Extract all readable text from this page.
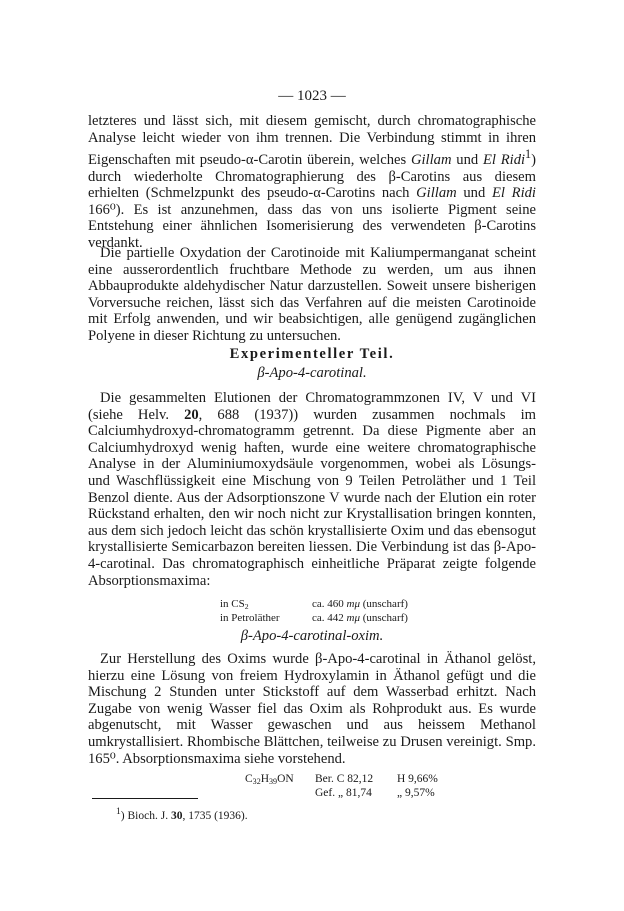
— 1023 —

letzteres und lässt sich, mit diesem gemischt, durch chromatographische Analyse leicht wieder von ihm trennen. Die Verbindung stimmt in ihren Eigenschaften mit pseudo-α-Carotin überein, welches Gillam und El Ridi$^1$) durch wiederholte Chromatographierung des β-Carotins aus diesem erhielten (Schmelzpunkt des pseudo-α-Carotins nach Gillam und El Ridi 166⁰). Es ist anzunehmen, dass das von uns isolierte Pigment seine Entstehung einer ähnlichen Isomerisierung des verwendeten β-Carotins verdankt.

Die partielle Oxydation der Carotinoide mit Kaliumpermanganat scheint eine ausserordentlich fruchtbare Methode zu werden, um aus ihnen Abbauprodukte aldehydischer Natur darzustellen. Soweit unsere bisherigen Vorversuche reichen, lässt sich das Verfahren auf die meisten Carotinoide mit Erfolg anwenden, und wir beabsichtigen, alle genügend zugänglichen Polyene in dieser Richtung zu untersuchen.

Experimenteller Teil.

β-Apo-4-carotinal.

Die gesammelten Elutionen der Chromatogrammzonen IV, V und VI (siehe Helv. 20, 688 (1937)) wurden zusammen nochmals im Calciumhydroxyd-chromatogramm getrennt. Da diese Pigmente aber an Calciumhydroxyd wenig haften, wurde eine weitere chromatographische Analyse in der Aluminiumoxydsäule vorgenommen, wobei als Lösungs- und Waschflüssigkeit eine Mischung von 9 Teilen Petroläther und 1 Teil Benzol diente. Aus der Adsorptionszone V wurde nach der Elution ein roter Rückstand erhalten, den wir noch nicht zur Krystallisation bringen konnten, aus dem sich jedoch leicht das schön krystallisierte Oxim und das ebensogut krystallisierte Semicarbazon bereiten liessen. Die Verbindung ist das β-Apo-4-carotinal. Das chromatographisch einheitliche Präparat zeigte folgende Absorptionsmaxima:

in $CS_2$	ca. 460 mμ (unscharf)
in Petroläther	ca. 442 mμ (unscharf)

β-Apo-4-carotinal-oxim.

Zur Herstellung des Oxims wurde β-Apo-4-carotinal in Äthanol gelöst, hierzu eine Lösung von freiem Hydroxylamin in Äthanol gefügt und die Mischung 2 Stunden unter Stickstoff auf dem Wasserbad erhitzt. Nach Zugabe von wenig Wasser fiel das Oxim als Rohprodukt aus. Es wurde abgenutscht, mit Wasser gewaschen und aus heissem Methanol umkrystallisiert. Rhombische Blättchen, teilweise zu Drusen vereinigt. Smp. 165⁰. Absorptionsmaxima siehe vorstehend.

$C_{32}H_{39}ON$ Ber. C 82,12 H 9,66%
Gef. „ 81,74 „ 9,57%
$^1$) Bioch. J. 30, 1735 (1936).
